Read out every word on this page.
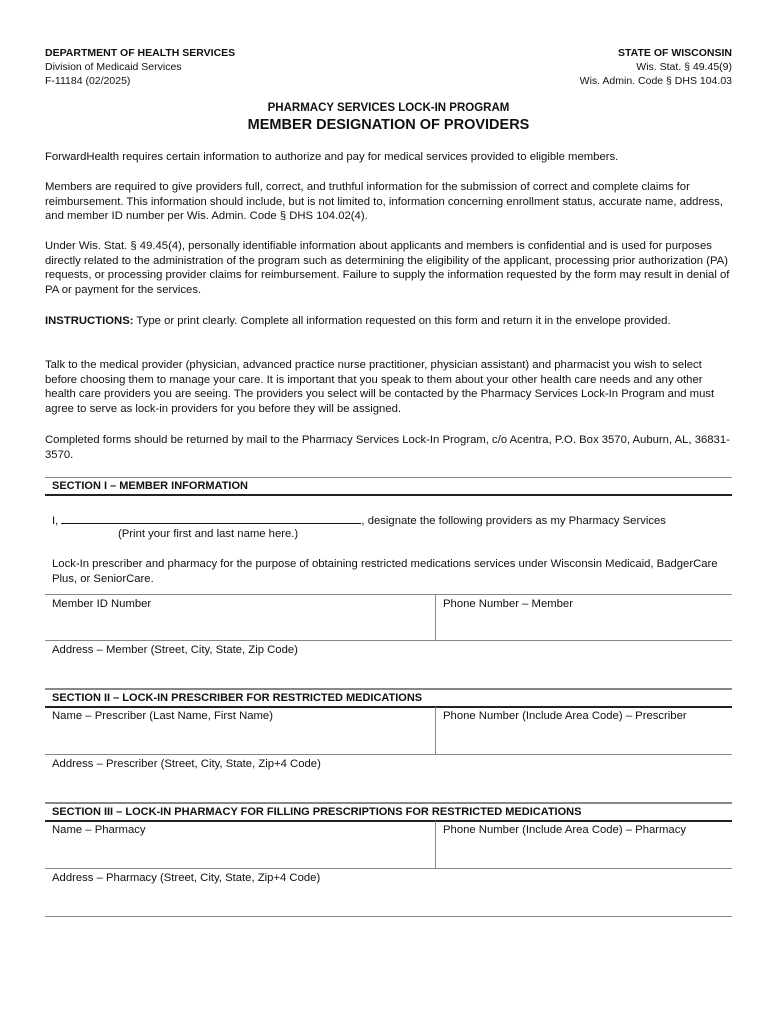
DEPARTMENT OF HEALTH SERVICES
Division of Medicaid Services
F-11184 (02/2025)
STATE OF WISCONSIN
Wis. Stat. § 49.45(9)
Wis. Admin. Code § DHS 104.03
PHARMACY SERVICES LOCK-IN PROGRAM
MEMBER DESIGNATION OF PROVIDERS
ForwardHealth requires certain information to authorize and pay for medical services provided to eligible members.
Members are required to give providers full, correct, and truthful information for the submission of correct and complete claims for reimbursement. This information should include, but is not limited to, information concerning enrollment status, accurate name, address, and member ID number per Wis. Admin. Code § DHS 104.02(4).
Under Wis. Stat. § 49.45(4), personally identifiable information about applicants and members is confidential and is used for purposes directly related to the administration of the program such as determining the eligibility of the applicant, processing prior authorization (PA) requests, or processing provider claims for reimbursement. Failure to supply the information requested by the form may result in denial of PA or payment for the services.
INSTRUCTIONS: Type or print clearly. Complete all information requested on this form and return it in the envelope provided.
Talk to the medical provider (physician, advanced practice nurse practitioner, physician assistant) and pharmacist you wish to select before choosing them to manage your care. It is important that you speak to them about your other health care needs and any other health care providers you are seeing. The providers you select will be contacted by the Pharmacy Services Lock-In Program and must agree to serve as lock-in providers for you before they will be assigned.
Completed forms should be returned by mail to the Pharmacy Services Lock-In Program, c/o Acentra, P.O. Box 3570, Auburn, AL, 36831-3570.
SECTION I – MEMBER INFORMATION
I,	, designate the following providers as my Pharmacy Services
(Print your first and last name here.)
Lock-In prescriber and pharmacy for the purpose of obtaining restricted medications services under Wisconsin Medicaid, BadgerCare Plus, or SeniorCare.
Member ID Number	Phone Number – Member
Address – Member (Street, City, State, Zip Code)
SECTION II – LOCK-IN PRESCRIBER FOR RESTRICTED MEDICATIONS
Name – Prescriber (Last Name, First Name)	Phone Number (Include Area Code) – Prescriber
Address – Prescriber (Street, City, State, Zip+4 Code)
SECTION III – LOCK-IN PHARMACY FOR FILLING PRESCRIPTIONS FOR RESTRICTED MEDICATIONS
Name – Pharmacy	Phone Number (Include Area Code) – Pharmacy
Address – Pharmacy (Street, City, State, Zip+4 Code)
